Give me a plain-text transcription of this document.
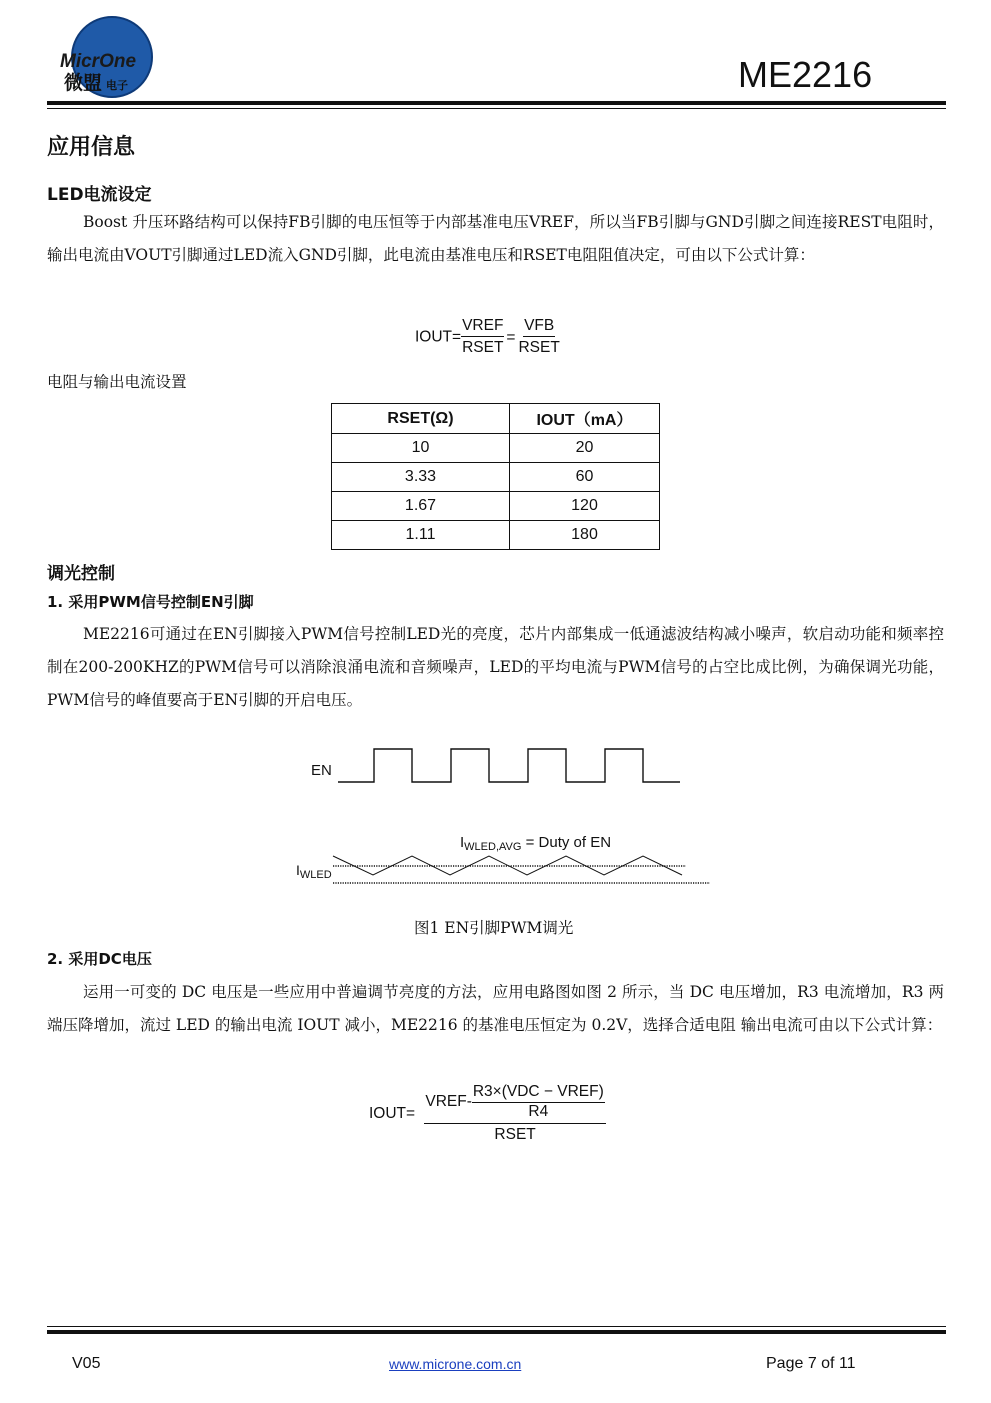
MicrOne
微盟 电子	ME2216
应用信息
LED电流设定

Boost 升压环路结构可以保持FB引脚的电压恒等于内部基准电压VREF，所以当FB引脚与GND引脚之间连接REST电阻时，输出电流由VOUT引脚通过LED流入GND引脚，此电流由基准电压和RSET电阻阻值决定，可由以下公式计算：

IOUT= $\frac{\text{VREF}}{\text{RSET}} = \frac{\text{VFB}}{\text{RSET}}$
电阻与输出电流设置
RSET(Ω)	IOUT（mA）
10	20
3.33	60
1.67	120
1.11	180
调光控制
1. 采用PWM信号控制EN引脚

ME2216可通过在EN引脚接入PWM信号控制LED光的亮度，芯片内部集成一低通滤波结构减小噪声，软启动功能和频率控制在200-200KHZ的PWM信号可以消除浪涌电流和音频噪声，LED的平均电流与PWM信号的占空比成比例，为确保调光功能，PWM信号的峰值要高于EN引脚的开启电压。

EN
$I_{WLED,AVG}$ = Duty of EN
$I_{WLED}$
图1 EN引脚PWM调光
2. 采用DC电压

运用一可变的 DC 电压是一些应用中普遍调节亮度的方法，应用电路图如图 2 所示，当 DC 电压增加，R3 电流增加，R3 两端压降增加，流过 LED 的输出电流 IOUT 减小，ME2216 的基准电压恒定为 0.2V，选择合适电阻 输出电流可由以下公式计算：

IOUT= $\frac{VREF- \frac{\text{R3×(VDC − VREF)}}{R4}}{\text{RSET}}$
V05	www.microne.com.cn	Page 7 of 11
